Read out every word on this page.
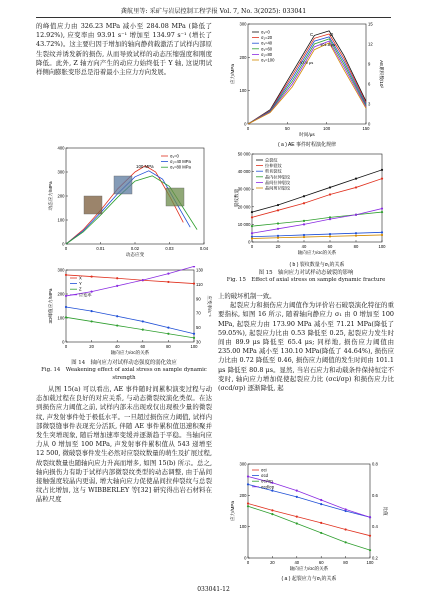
龚航里等: 采矿与岩层控制工程学报 Vol. 7, No. 3(2025): 033041

的峰值应力由 326.23 MPa 减小至 284.08 MPa (降低了 12.92%), 应变率由 93.91 s⁻¹ 增加至 134.97 s⁻¹ (增长了 43.72%)。这主要归因于增加的轴向静荷载激活了试样内部原生裂纹并诱发新的损伤, 从而导致试样的动态压缩强度和刚度降低。此外, Z 轴方向产生的动应力始终低于 Y 轴, 这说明试样侧向膨胀变形总是沿着最小主应力方向发展。

0	0.01	0.02	0.03	0.04
0
100
200
300
400
动态应变
动态应力/MPa
σ₁=0
σ₁=40 MPa
σ₁=80 MPa
100 MPa
0	20	40	60	80	100
0
100
200
300
30
50
70
90
110
130
轴向应力/σc的关系
3D峰值应力/MPa	应变率/s⁻¹
X
Y
Z
应变率
图 14　轴向应力对试样动态强度的弱化效应
Fig. 14　Weakening effect of axial stress on sample dynamic strength

从图 15(a) 可以看出, AE 事件随时间累积演变过程与动态加载过程在良好的对应关系, 与动态微裂纹演化类似。在达到损伤应力阈值之前, 试样内部未出现或仅出现极少量的微裂纹, 声发射事件处于极低水平。一旦超过损伤应力阈值, 试样内部微裂缝事件表现充分活跃, 伴随 AE 事件累积值迅速积聚并发生突增现象, 随后增加速率变缓并逐渐趋于平稳。当轴向应力从 0 增加至 100 MPa, 声发射事件累积值从 543 递增至 12 500, 微破裂事件发生必然对应裂纹数量的萌生及扩展过程, 故裂纹数量也随轴向应力升高而增多, 如图 15(b) 所示。总之, 轴向损伤力有助于试样内部微裂纹类型的动态调整, 由于晶间接触强度较晶内更弱, 增大轴向应力促使晶间拉伸裂纹与总裂纹占比增加, 这与 WIBBERLEY 等[32] 研究得出岩石材料在晶粒尺度

0	50	100	150
0
100
200
300
0
3
6
9
12
15
时间/μs
应力/MPa	AE累积数/10³
σ₁=0
σ₁=20
σ₁=40
σ₁=60
σ₁=80
σ₁=100
C	D
97.9 μs
101.8 μs
( a ) AE 事件时程演化规律
0	20	40	60	80	100
0
10 000
20 000
30 000
40 000
50 000
轴向应力/σc的关系
裂纹数量
总裂纹
拉伸裂纹
剪切裂纹
晶内拉伸裂纹
晶间拉伸裂纹
晶间剪切裂纹
( b ) 裂纹数量与σ₁的关系
图 15　轴向应力对试样动态破裂的影响
Fig. 15　Effect of axial stress on sample dynamic fracture

上的破坏机制一致。

起裂应力和损伤应力阈值作为评价岩石破裂演化特征的重要指标, 如图 16 所示, 随着轴向静应力 σ₁ 由 0 增加至 100 MPa, 起裂应力由 173.90 MPa 减小至 71.21 MPa(降低了 59.05%), 起裂应力比由 0.53 降低至 0.25, 起裂应力发生时间由 89.9 μs 降低至 65.4 μs; 同样地, 损伤应力阈值由 235.00 MPa 减小至 130.10 MPa(降低了 44.64%), 损伤应力比由 0.72 降低至 0.46, 损伤应力阈值的发生时间由 101.1 μs 降低至 80.8 μs。显然, 当岩石应力和动载条件保持恒定不变时, 轴向应力增加促使起裂应力比 (σci/σp) 和损伤应力比 (σcd/σp) 逐渐降低, 起

0	20	40	60	80	100
0
100
200
300
0.2
0.4
0.6
0.8
轴向应力/σc的关系
应力/MPa	比值
σci
σcd
σci/σp
σcd/σp
( a ) 起裂应力与σ₁的关系
033041-12
